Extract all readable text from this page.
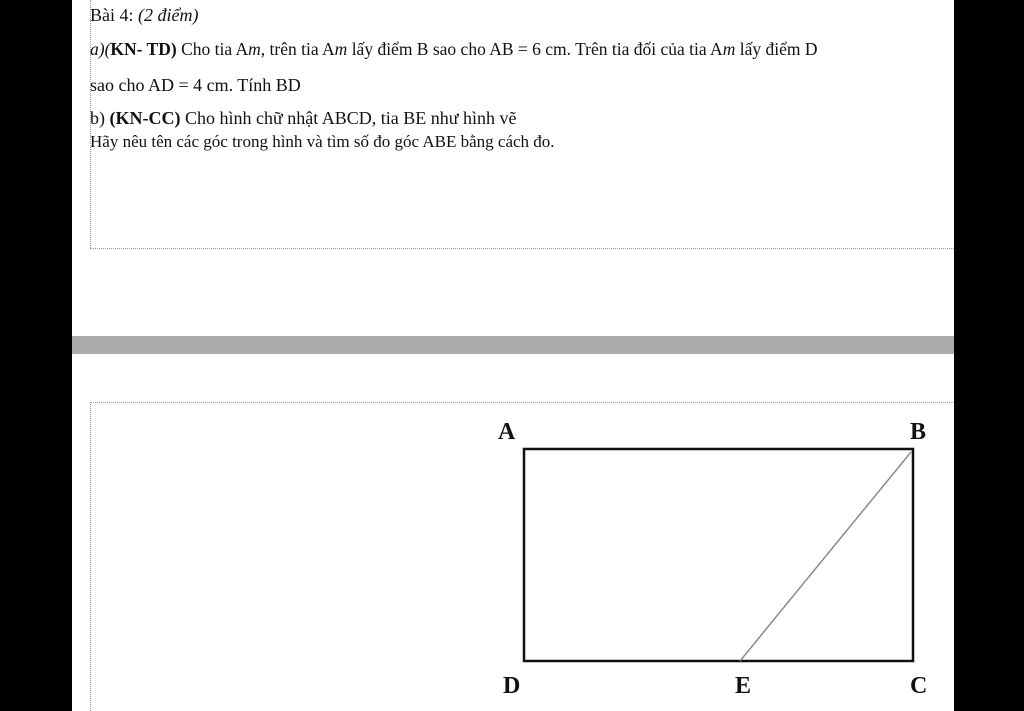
Bài 4: (2 điểm)
a)(KN- TD) Cho tia Am, trên tia Am lấy điểm B sao cho AB = 6 cm. Trên tia đối của tia Am lấy điểm D
sao cho AD = 4 cm. Tính BD
b) (KN-CC) Cho hình chữ nhật ABCD, tia BE như hình vẽ
Hãy nêu tên các góc trong hình và tìm số đo góc ABE bằng cách đo.
A	B
D	E	C
